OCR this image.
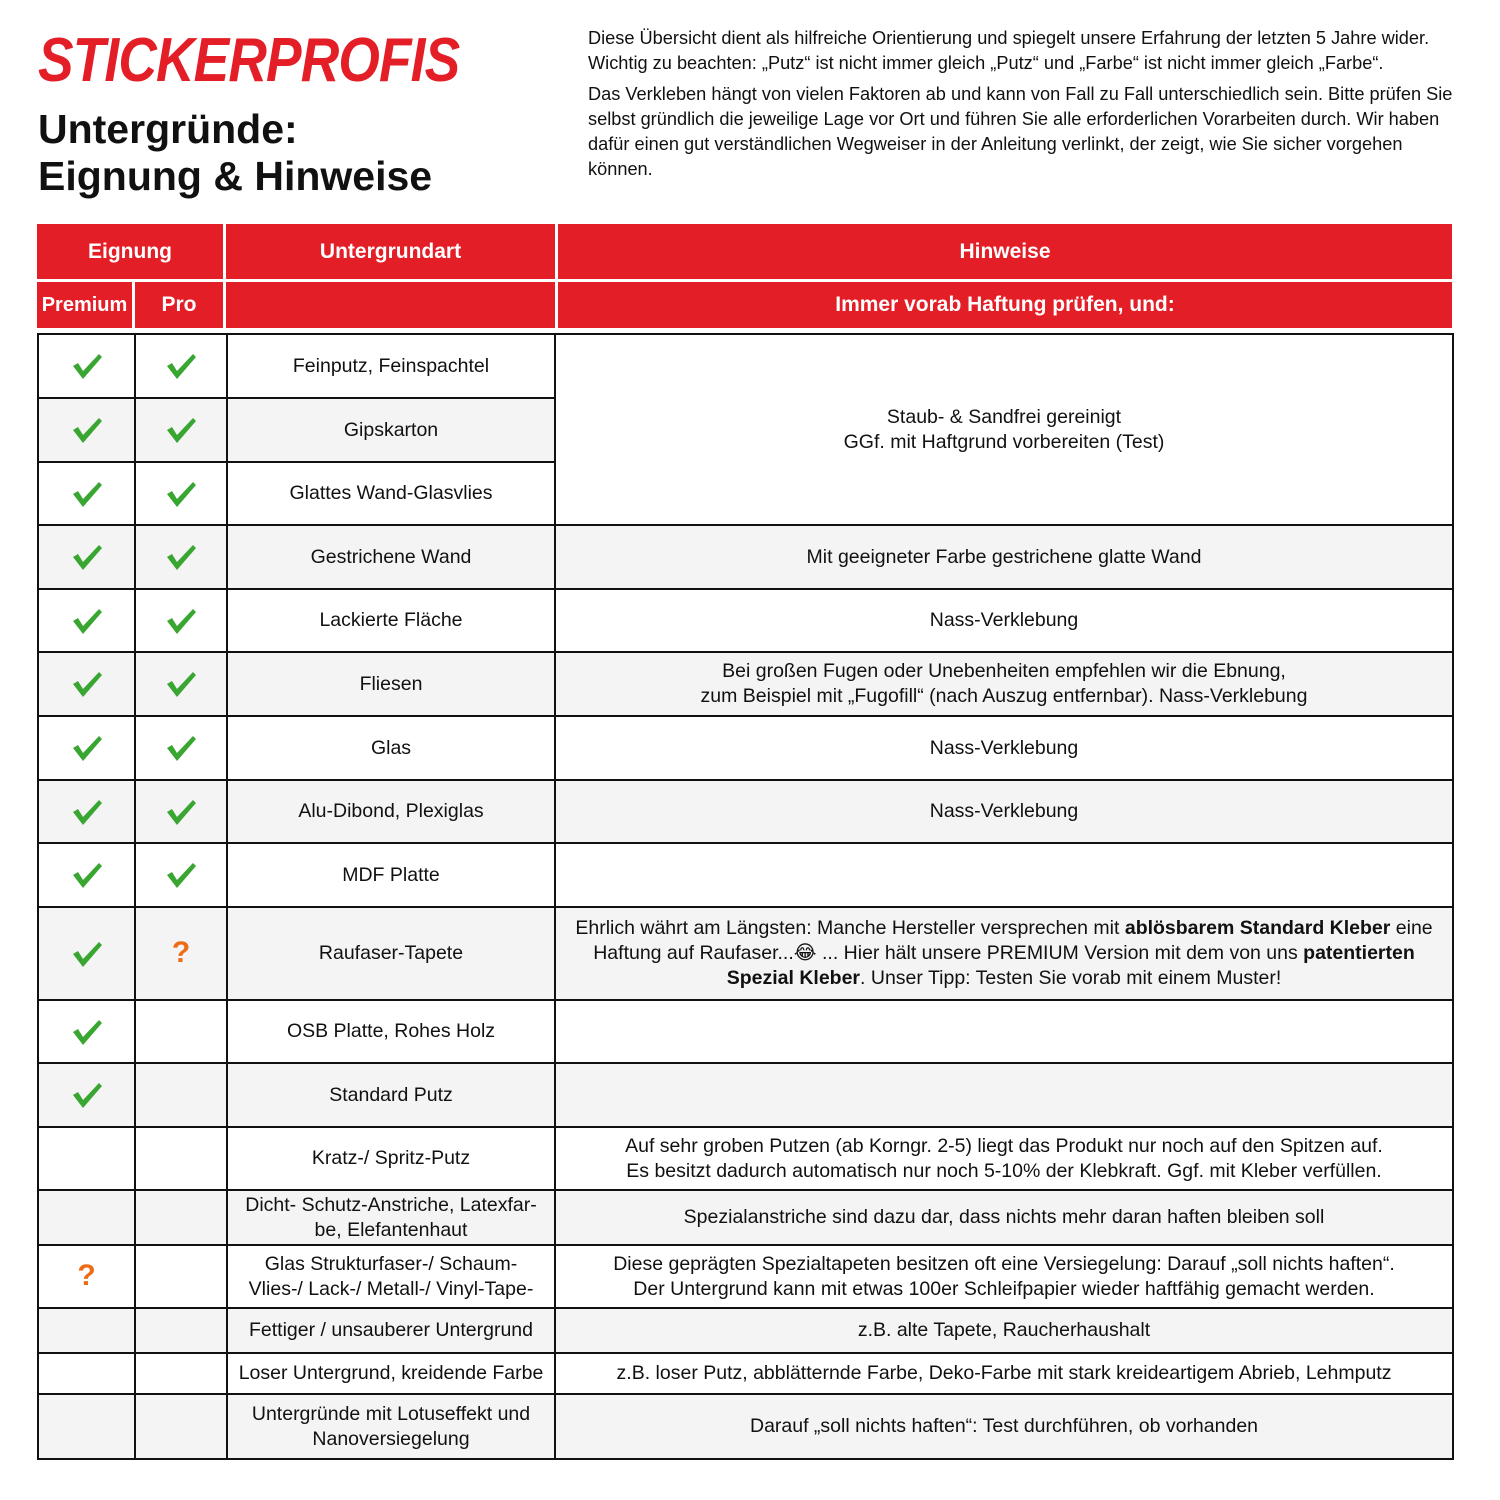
STICKERPROFIS
Untergründe:
Eignung & Hinweise

Diese Übersicht dient als hilfreiche Orientierung und spiegelt unsere Erfahrung der letzten 5 Jahre wider. Wichtig zu beachten: „Putz“ ist nicht immer gleich „Putz“ und „Farbe“ ist nicht immer gleich „Farbe“.

Das Verkleben hängt von vielen Faktoren ab und kann von Fall zu Fall unterschiedlich sein. Bitte prüfen Sie selbst gründlich die jeweilige Lage vor Ort und führen Sie alle erforderlichen Vorarbeiten durch. Wir haben dafür einen gut verständlichen Wegweiser in der Anleitung verlinkt, der zeigt, wie Sie sicher vorgehen können.

Eignung	Untergrundart	Hinweise
Premium	Pro	Immer vorab Haftung prüfen, und:
		Feinputz, Feinspachtel	Staub- & Sandfrei gereinigt
GGf. mit Haftgrund vorbereiten (Test)
		Gipskarton	
		Glattes Wand-Glasvlies	
		Gestrichene Wand	Mit geeigneter Farbe gestrichene glatte Wand
		Lackierte Fläche	Nass-Verklebung
		Fliesen	Bei großen Fugen oder Unebenheiten empfehlen wir die Ebnung,
zum Beispiel mit „Fugofill“ (nach Auszug entfernbar). Nass-Verklebung
		Glas	Nass-Verklebung
		Alu-Dibond, Plexiglas	Nass-Verklebung
		MDF Platte	
	?	Raufaser-Tapete	Ehrlich währt am Längsten: Manche Hersteller versprechen mit ablösbarem Standard Kleber eine Haftung auf Raufaser...😂 ... Hier hält unsere PREMIUM Version mit dem von uns patentierten Spezial Kleber. Unser Tipp: Testen Sie vorab mit einem Muster!
		OSB Platte, Rohes Holz	
		Standard Putz	
		Kratz-/ Spritz-Putz	Auf sehr groben Putzen (ab Korngr. 2-5) liegt das Produkt nur noch auf den Spitzen auf.
Es besitzt dadurch automatisch nur noch 5-10% der Klebkraft. Ggf. mit Kleber verfüllen.
		Dicht- Schutz-Anstriche, Latexfar-
be, Elefantenhaut	Spezialanstriche sind dazu dar, dass nichts mehr daran haften bleiben soll
?		Glas Strukturfaser-/ Schaum-
Vlies-/ Lack-/ Metall-/ Vinyl-Tape-	Diese geprägten Spezialtapeten besitzen oft eine Versiegelung: Darauf „soll nichts haften“.
Der Untergrund kann mit etwas 100er Schleifpapier wieder haftfähig gemacht werden.
		Fettiger / unsauberer Untergrund	z.B. alte Tapete, Raucherhaushalt
		Loser Untergrund, kreidende Farbe	z.B. loser Putz, abblätternde Farbe, Deko-Farbe mit stark kreideartigem Abrieb, Lehmputz
		Untergründe mit Lotuseffekt und
Nanoversiegelung	Darauf „soll nichts haften“: Test durchführen, ob vorhanden
